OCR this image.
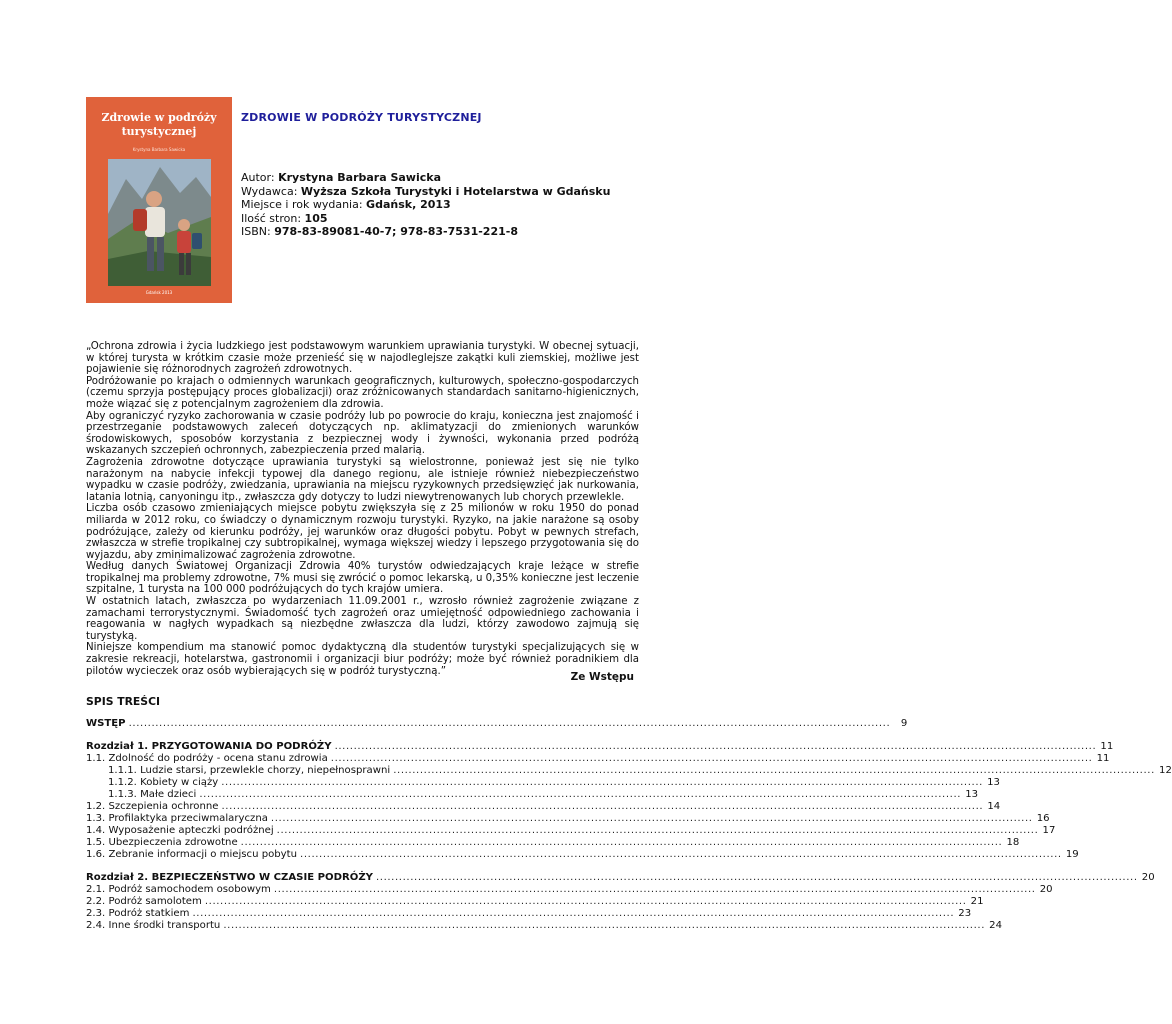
Zdrowie w podróży
turystycznej
Krystyna Barbara Sawicka
Gdańsk 2013
ZDROWIE W PODRÓŻY TURYSTYCZNEJ
Autor: Krystyna Barbara Sawicka
Wydawca: Wyższa Szkoła Turystyki i Hotelarstwa w Gdańsku
Miejsce i rok wydania: Gdańsk, 2013
Ilość stron: 105
ISBN: 978-83-89081-40-7; 978-83-7531-221-8

„Ochrona zdrowia i życia ludzkiego jest podstawowym warunkiem uprawiania turystyki. W obecnej sytuacji, w której turysta w krótkim czasie może przenieść się w najodleglejsze zakątki kuli ziemskiej, możliwe jest pojawienie się różnorodnych zagrożeń zdrowotnych.

Podróżowanie po krajach o odmiennych warunkach geograficznych, kulturowych, społeczno-gospodarczych (czemu sprzyja postępujący proces globalizacji) oraz zróżnicowanych standardach sanitarno-higienicznych, może wiązać się z potencjalnym zagrożeniem dla zdrowia.

Aby ograniczyć ryzyko zachorowania w czasie podróży lub po powrocie do kraju, konieczna jest znajomość i przestrzeganie podstawowych zaleceń dotyczących np. aklimatyzacji do zmienionych warunków środowiskowych, sposobów korzystania z bezpiecznej wody i żywności, wykonania przed podróżą wskazanych szczepień ochronnych, zabezpieczenia przed malarią.

Zagrożenia zdrowotne dotyczące uprawiania turystyki są wielostronne, ponieważ jest się nie tylko narażonym na nabycie infekcji typowej dla danego regionu, ale istnieje również niebezpieczeństwo wypadku w czasie podróży, zwiedzania, uprawiania na miejscu ryzykownych przedsięwzięć jak nurkowania, latania lotnią, canyoningu itp., zwłaszcza gdy dotyczy to ludzi niewytrenowanych lub chorych przewlekle.

Liczba osób czasowo zmieniających miejsce pobytu zwiększyła się z 25 milionów w roku 1950 do ponad miliarda w 2012 roku, co świadczy o dynamicznym rozwoju turystyki. Ryzyko, na jakie narażone są osoby podróżujące, zależy od kierunku podróży, jej warunków oraz długości pobytu. Pobyt w pewnych strefach, zwłaszcza w strefie tropikalnej czy subtropikalnej, wymaga większej wiedzy i lepszego przygotowania się do wyjazdu, aby zminimalizować zagrożenia zdrowotne.

Według danych Światowej Organizacji Zdrowia 40% turystów odwiedzających kraje leżące w strefie tropikalnej ma problemy zdrowotne, 7% musi się zwrócić o pomoc lekarską, u 0,35% konieczne jest leczenie szpitalne, 1 turysta na 100 000 podróżujących do tych krajów umiera.

W ostatnich latach, zwłaszcza po wydarzeniach 11.09.2001 r., wzrosło również zagrożenie związane z zamachami terrorystycznymi. Świadomość tych zagrożeń oraz umiejętność odpowiedniego zachowania i reagowania w nagłych wypadkach są niezbędne zwłaszcza dla ludzi, którzy zawodowo zajmują się turystyką.

Niniejsze kompendium ma stanowić pomoc dydaktyczną dla studentów turystyki specjalizujących się w zakresie rekreacji, hotelarstwa, gastronomii i organizacji biur podróży; może być również poradnikiem dla pilotów wycieczek oraz osób wybierających się w podróż turystyczną.”	Ze Wstępu
SPIS TREŚCI
WSTĘP ........................................................................................................................................................................................................	9
Rozdział 1. PRZYGOTOWANIA DO PODRÓŻY ........................................................................................................................................................................................................ 11
1.1. Zdolność do podróży - ocena stanu zdrowia ........................................................................................................................................................................................................ 11
1.1.1. Ludzie starsi, przewlekle chorzy, niepełnosprawni ........................................................................................................................................................................................................ 12
1.1.2. Kobiety w ciąży ........................................................................................................................................................................................................ 13
1.1.3. Małe dzieci ........................................................................................................................................................................................................ 13
1.2. Szczepienia ochronne ........................................................................................................................................................................................................ 14
1.3. Profilaktyka przeciwmalaryczna ........................................................................................................................................................................................................ 16
1.4. Wyposażenie apteczki podróżnej ........................................................................................................................................................................................................ 17
1.5. Ubezpieczenia zdrowotne ........................................................................................................................................................................................................ 18
1.6. Zebranie informacji o miejscu pobytu ........................................................................................................................................................................................................ 19
Rozdział 2. BEZPIECZEŃSTWO W CZASIE PODRÓŻY ........................................................................................................................................................................................................ 20
2.1. Podróż samochodem osobowym ........................................................................................................................................................................................................ 20
2.2. Podróż samolotem ........................................................................................................................................................................................................ 21
2.3. Podróż statkiem ........................................................................................................................................................................................................ 23
2.4. Inne środki transportu ........................................................................................................................................................................................................ 24
